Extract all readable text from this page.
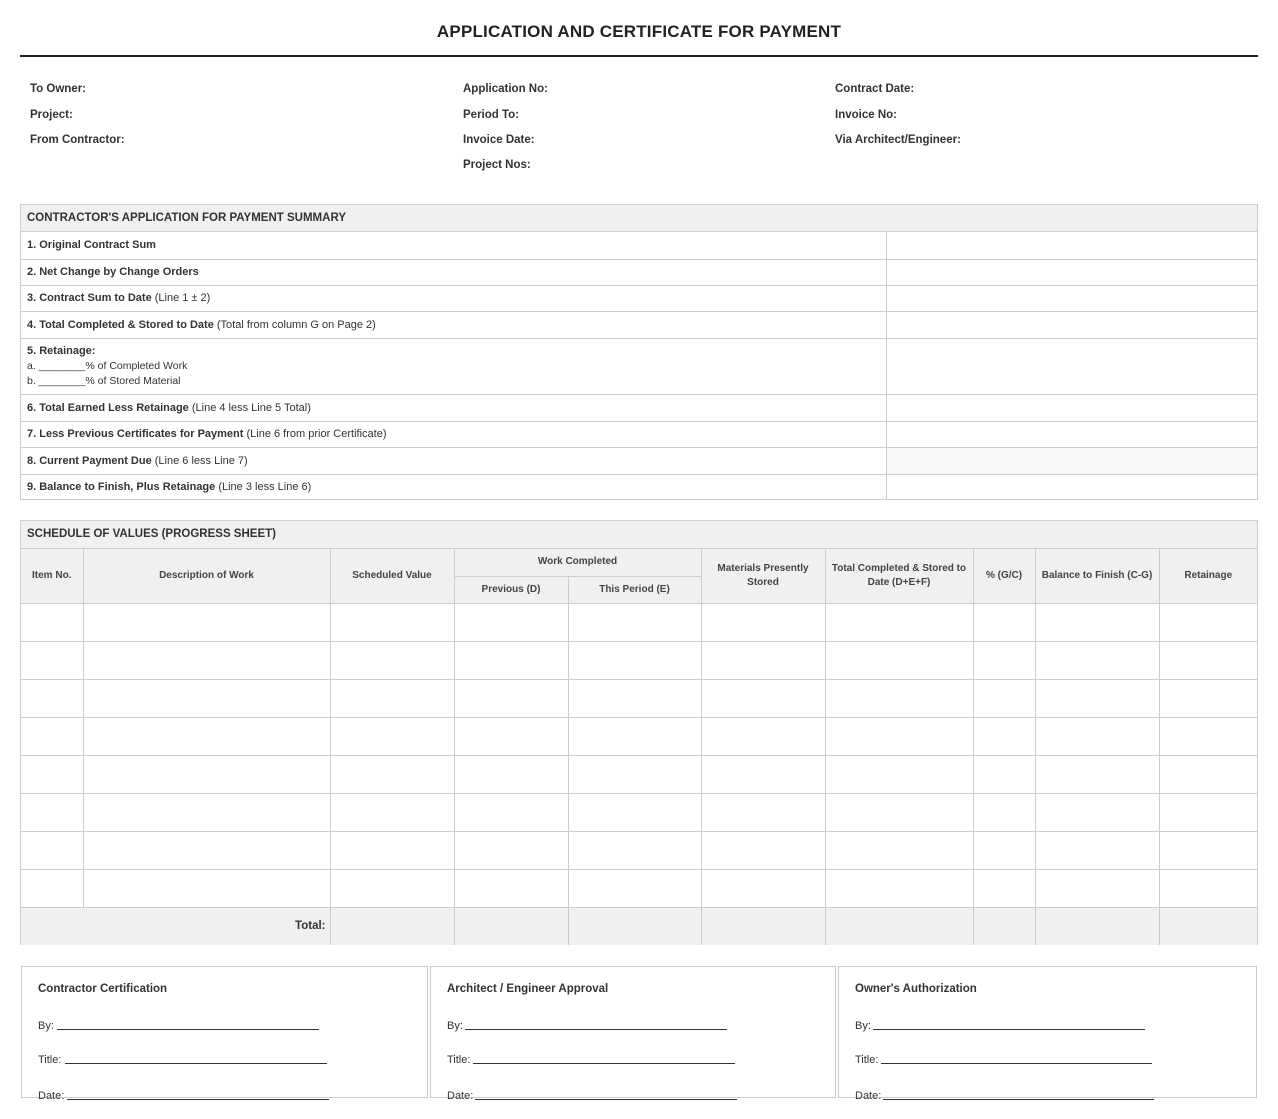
APPLICATION AND CERTIFICATE FOR PAYMENT
To Owner:
Project:
From Contractor:
Application No:
Period To:
Invoice Date:
Project Nos:
Contract Date:
Invoice No:
Via Architect/Engineer:
CONTRACTOR'S APPLICATION FOR PAYMENT SUMMARY
1. Original Contract Sum	
2. Net Change by Change Orders	
3. Contract Sum to Date (Line 1 ± 2)	
4. Total Completed & Stored to Date (Total from column G on Page 2)	

5. Retainage:
a. ________% of Completed Work
b. ________% of Stored Material	

6. Total Earned Less Retainage (Line 4 less Line 5 Total)	
7. Less Previous Certificates for Payment (Line 6 from prior Certificate)	
8. Current Payment Due (Line 6 less Line 7)	
9. Balance to Finish, Plus Retainage (Line 3 less Line 6)	
SCHEDULE OF VALUES (PROGRESS SHEET)
Item No.	Description of Work	Scheduled Value	Work Completed		Materials Presently Stored	Total Completed & Stored to Date (D+E+F)	% (G/C)	Balance to Finish (C-G)	Retainage
			Previous (D)	This Period (E)					

Total:									
Contractor Certification
By:
Title:
Date:
Architect / Engineer Approval
By:
Title:
Date:
Owner's Authorization
By:
Title:
Date:
